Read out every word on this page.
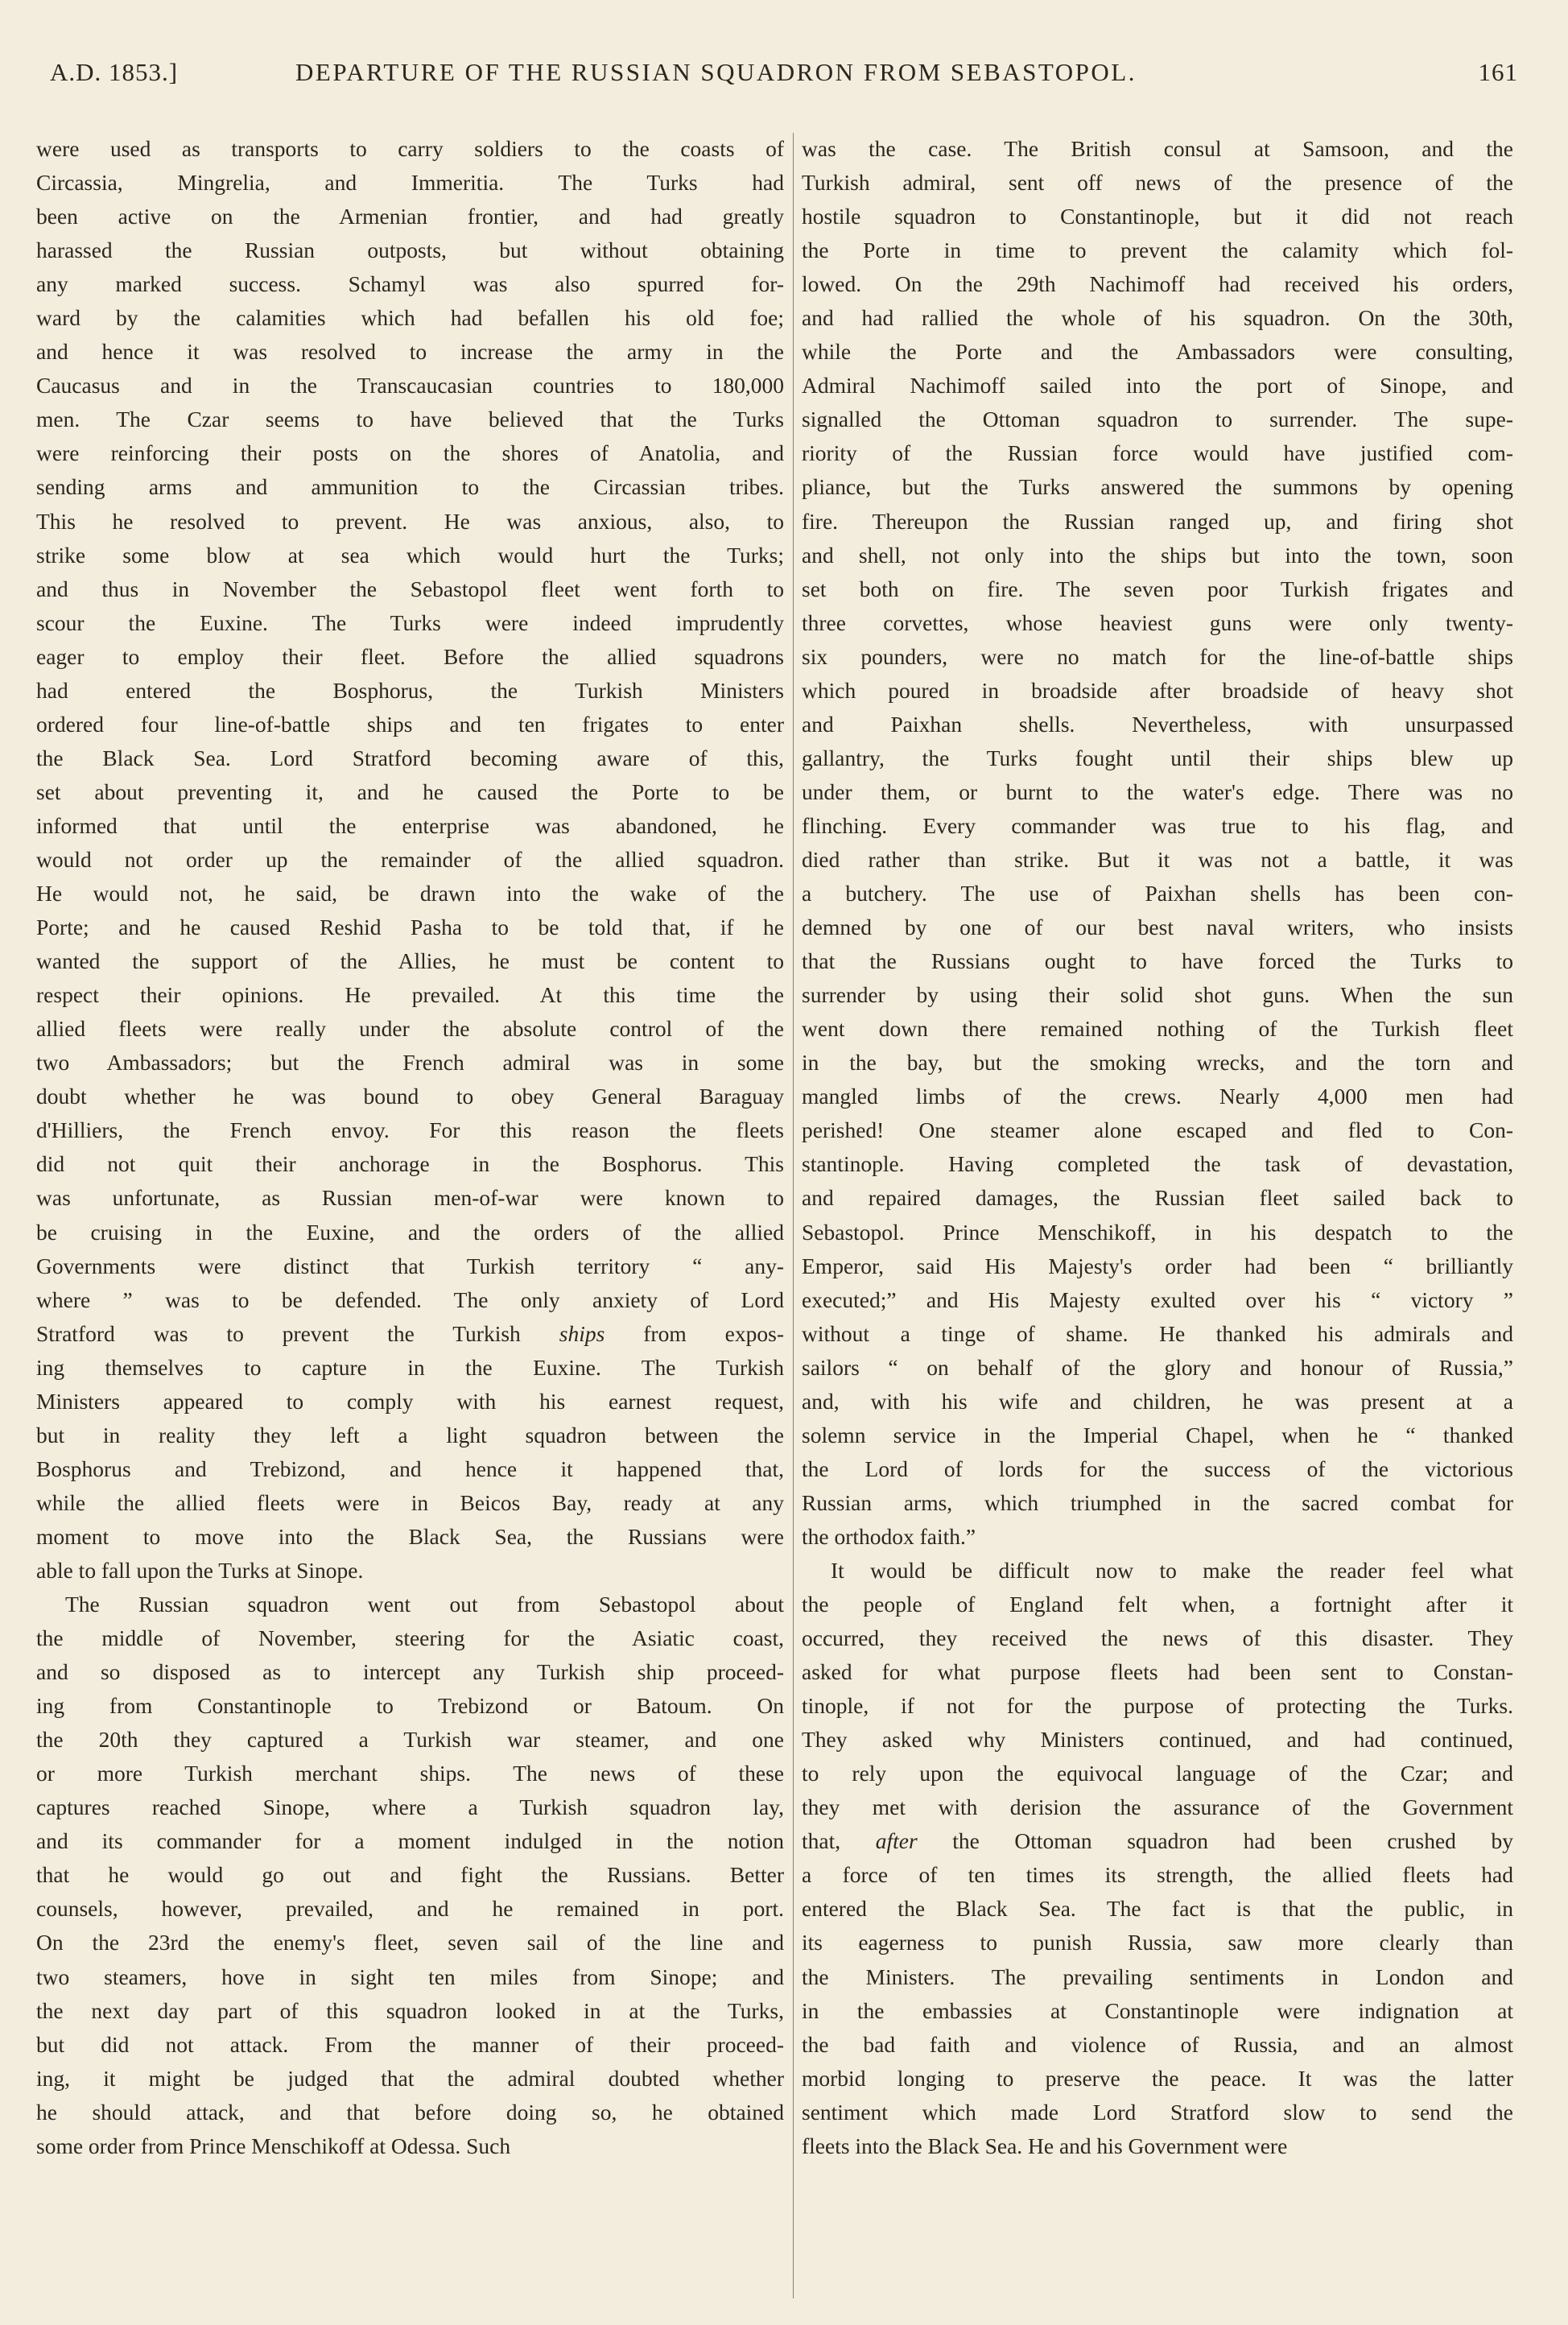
A.D. 1853.]	DEPARTURE OF THE RUSSIAN SQUADRON FROM SEBASTOPOL.	161

were used as transports to carry soldiers to the coasts of

Circassia, Mingrelia, and Immeritia. The Turks had

been active on the Armenian frontier, and had greatly

harassed the Russian outposts, but without obtaining

any marked success. Schamyl was also spurred for-

ward by the calamities which had befallen his old foe;

and hence it was resolved to increase the army in the

Caucasus and in the Transcaucasian countries to 180,000

men. The Czar seems to have believed that the Turks

were reinforcing their posts on the shores of Anatolia, and

sending arms and ammunition to the Circassian tribes.

This he resolved to prevent. He was anxious, also, to

strike some blow at sea which would hurt the Turks;

and thus in November the Sebastopol fleet went forth to

scour the Euxine. The Turks were indeed imprudently

eager to employ their fleet. Before the allied squadrons

had entered the Bosphorus, the Turkish Ministers

ordered four line-of-battle ships and ten frigates to enter

the Black Sea. Lord Stratford becoming aware of this,

set about preventing it, and he caused the Porte to be

informed that until the enterprise was abandoned, he

would not order up the remainder of the allied squadron.

He would not, he said, be drawn into the wake of the

Porte; and he caused Reshid Pasha to be told that, if he

wanted the support of the Allies, he must be content to

respect their opinions. He prevailed. At this time the

allied fleets were really under the absolute control of the

two Ambassadors; but the French admiral was in some

doubt whether he was bound to obey General Baraguay

d'Hilliers, the French envoy. For this reason the fleets

did not quit their anchorage in the Bosphorus. This

was unfortunate, as Russian men-of-war were known to

be cruising in the Euxine, and the orders of the allied

Governments were distinct that Turkish territory “ any-

where ” was to be defended. The only anxiety of Lord

Stratford was to prevent the Turkish ships from expos-

ing themselves to capture in the Euxine. The Turkish

Ministers appeared to comply with his earnest request,

but in reality they left a light squadron between the

Bosphorus and Trebizond, and hence it happened that,

while the allied fleets were in Beicos Bay, ready at any

moment to move into the Black Sea, the Russians were

able to fall upon the Turks at Sinope.

The Russian squadron went out from Sebastopol about

the middle of November, steering for the Asiatic coast,

and so disposed as to intercept any Turkish ship proceed-

ing from Constantinople to Trebizond or Batoum. On

the 20th they captured a Turkish war steamer, and one

or more Turkish merchant ships. The news of these

captures reached Sinope, where a Turkish squadron lay,

and its commander for a moment indulged in the notion

that he would go out and fight the Russians. Better

counsels, however, prevailed, and he remained in port.

On the 23rd the enemy's fleet, seven sail of the line and

two steamers, hove in sight ten miles from Sinope; and

the next day part of this squadron looked in at the Turks,

but did not attack. From the manner of their proceed-

ing, it might be judged that the admiral doubted whether

he should attack, and that before doing so, he obtained

some order from Prince Menschikoff at Odessa. Such

was the case. The British consul at Samsoon, and the

Turkish admiral, sent off news of the presence of the

hostile squadron to Constantinople, but it did not reach

the Porte in time to prevent the calamity which fol-

lowed. On the 29th Nachimoff had received his orders,

and had rallied the whole of his squadron. On the 30th,

while the Porte and the Ambassadors were consulting,

Admiral Nachimoff sailed into the port of Sinope, and

signalled the Ottoman squadron to surrender. The supe-

riority of the Russian force would have justified com-

pliance, but the Turks answered the summons by opening

fire. Thereupon the Russian ranged up, and firing shot

and shell, not only into the ships but into the town, soon

set both on fire. The seven poor Turkish frigates and

three corvettes, whose heaviest guns were only twenty-

six pounders, were no match for the line-of-battle ships

which poured in broadside after broadside of heavy shot

and Paixhan shells. Nevertheless, with unsurpassed

gallantry, the Turks fought until their ships blew up

under them, or burnt to the water's edge. There was no

flinching. Every commander was true to his flag, and

died rather than strike. But it was not a battle, it was

a butchery. The use of Paixhan shells has been con-

demned by one of our best naval writers, who insists

that the Russians ought to have forced the Turks to

surrender by using their solid shot guns. When the sun

went down there remained nothing of the Turkish fleet

in the bay, but the smoking wrecks, and the torn and

mangled limbs of the crews. Nearly 4,000 men had

perished! One steamer alone escaped and fled to Con-

stantinople. Having completed the task of devastation,

and repaired damages, the Russian fleet sailed back to

Sebastopol. Prince Menschikoff, in his despatch to the

Emperor, said His Majesty's order had been “ brilliantly

executed;” and His Majesty exulted over his “ victory ”

without a tinge of shame. He thanked his admirals and

sailors “ on behalf of the glory and honour of Russia,”

and, with his wife and children, he was present at a

solemn service in the Imperial Chapel, when he “ thanked

the Lord of lords for the success of the victorious

Russian arms, which triumphed in the sacred combat for

the orthodox faith.”

It would be difficult now to make the reader feel what

the people of England felt when, a fortnight after it

occurred, they received the news of this disaster. They

asked for what purpose fleets had been sent to Constan-

tinople, if not for the purpose of protecting the Turks.

They asked why Ministers continued, and had continued,

to rely upon the equivocal language of the Czar; and

they met with derision the assurance of the Government

that, after the Ottoman squadron had been crushed by

a force of ten times its strength, the allied fleets had

entered the Black Sea. The fact is that the public, in

its eagerness to punish Russia, saw more clearly than

the Ministers. The prevailing sentiments in London and

in the embassies at Constantinople were indignation at

the bad faith and violence of Russia, and an almost

morbid longing to preserve the peace. It was the latter

sentiment which made Lord Stratford slow to send the

fleets into the Black Sea. He and his Government were
